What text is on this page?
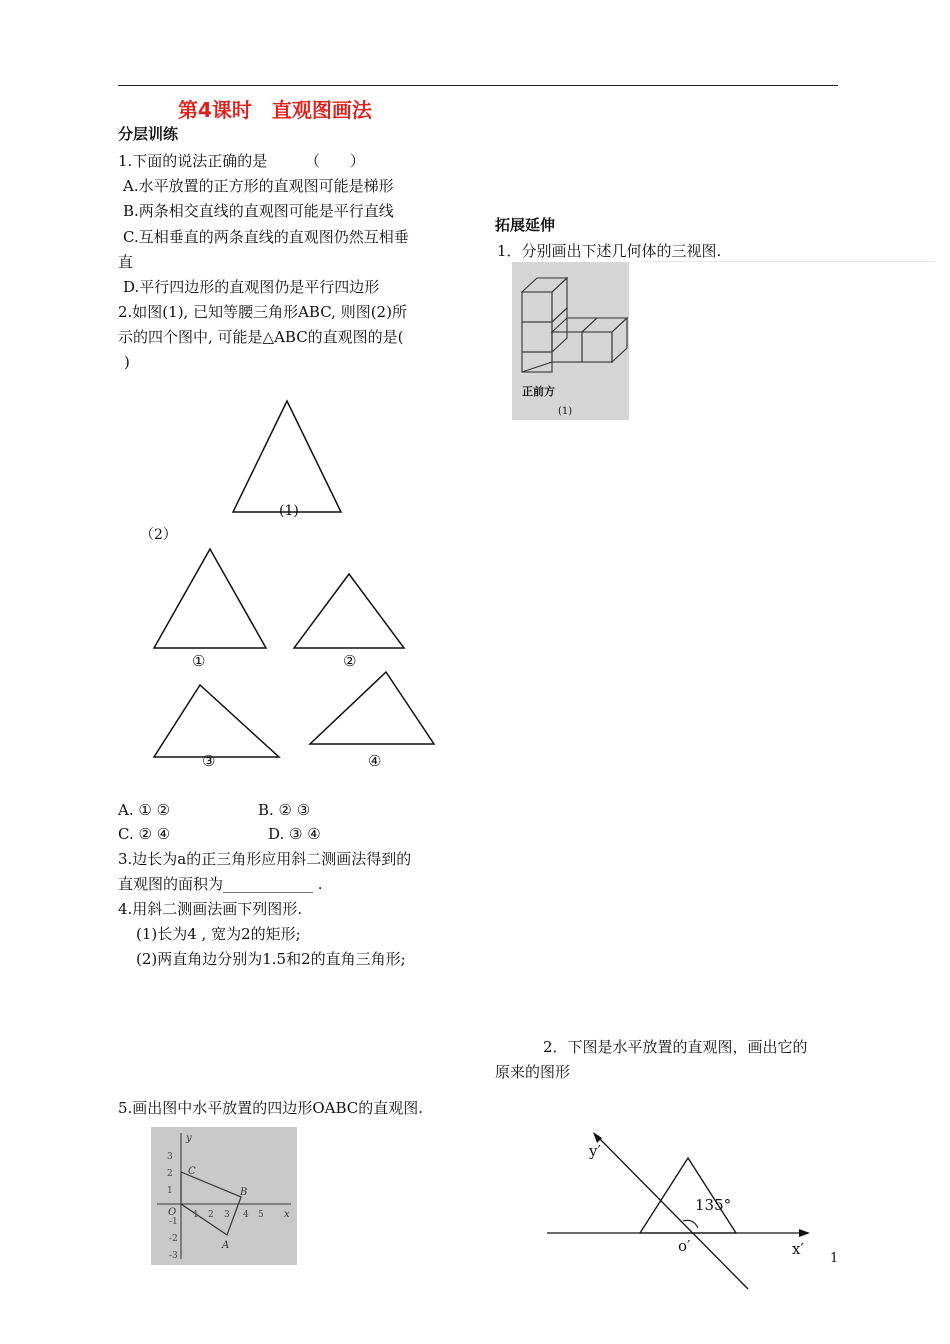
第4课时　直观图画法
分层训练
1.下面的说法正确的是　　　（　　）
A.水平放置的正方形的直观图可能是梯形
B.两条相交直线的直观图可能是平行直线
C.互相垂直的两条直线的直观图仍然互相垂
直
D.平行四边形的直观图仍是平行四边形
2.如图(1), 已知等腰三角形ABC, 则图(2)所
示的四个图中, 可能是△ABC的直观图的是(
)
(1)
（2）
①	②
③	④
A. ① ②	B. ② ③
C. ② ④	D. ③ ④
3.边长为a的正三角形应用斜二测画法得到的
直观图的面积为____________ .
4.用斜二测画法画下列图形.
(1)长为4 , 宽为2的矩形;
(2)两直角边分别为1.5和2的直角三角形;
5.画出图中水平放置的四边形OABC的直观图.
y
x
C
B
A
O
3
2
1
-1
-2
-3
1 2 3 4 5
拓展延伸
1．分别画出下述几何体的三视图.
正前方
(1)
2．下图是水平放置的直观图，画出它的
原来的图形
135°
y′
x′
o′
1
